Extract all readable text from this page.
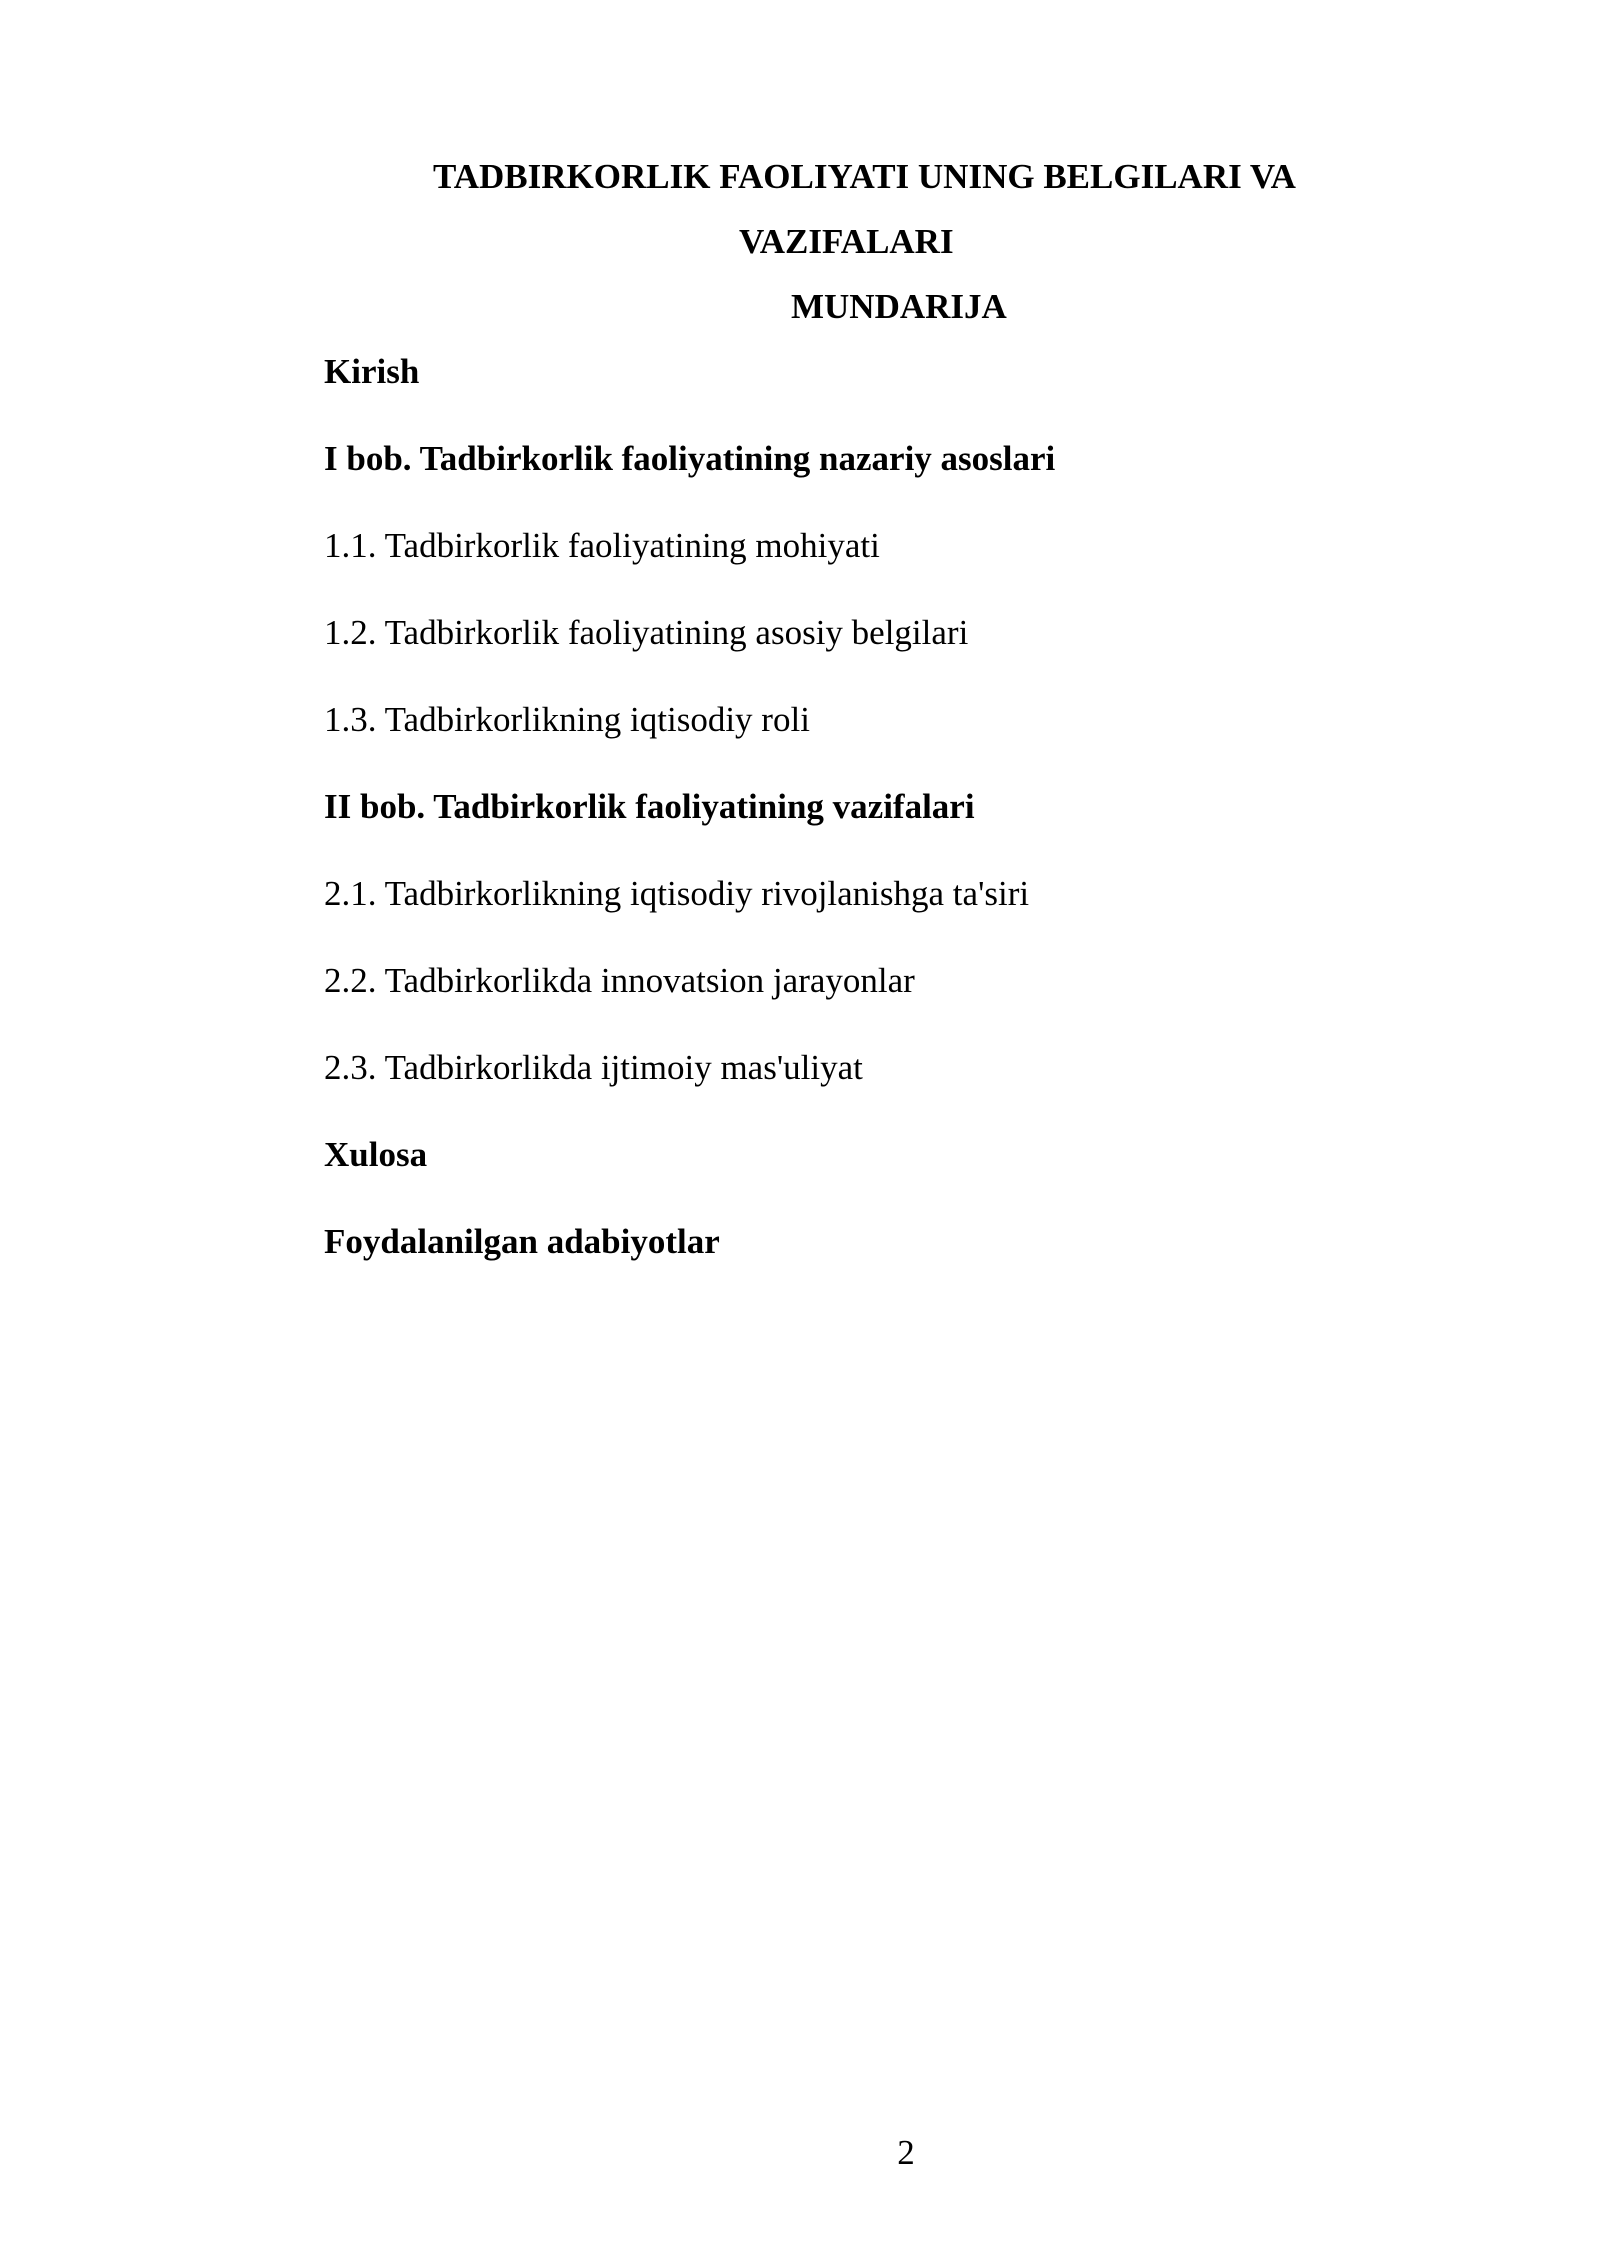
TADBIRKORLIK FAOLIYATI UNING BELGILARI VA
VAZIFALARI
MUNDARIJA
Kirish
I bob. Tadbirkorlik faoliyatining nazariy asoslari
1.1. Tadbirkorlik faoliyatining mohiyati
1.2. Tadbirkorlik faoliyatining asosiy belgilari
1.3. Tadbirkorlikning iqtisodiy roli
II bob. Tadbirkorlik faoliyatining vazifalari
2.1. Tadbirkorlikning iqtisodiy rivojlanishga ta'siri
2.2. Tadbirkorlikda innovatsion jarayonlar
2.3. Tadbirkorlikda ijtimoiy mas'uliyat
Xulosa
Foydalanilgan adabiyotlar
2
